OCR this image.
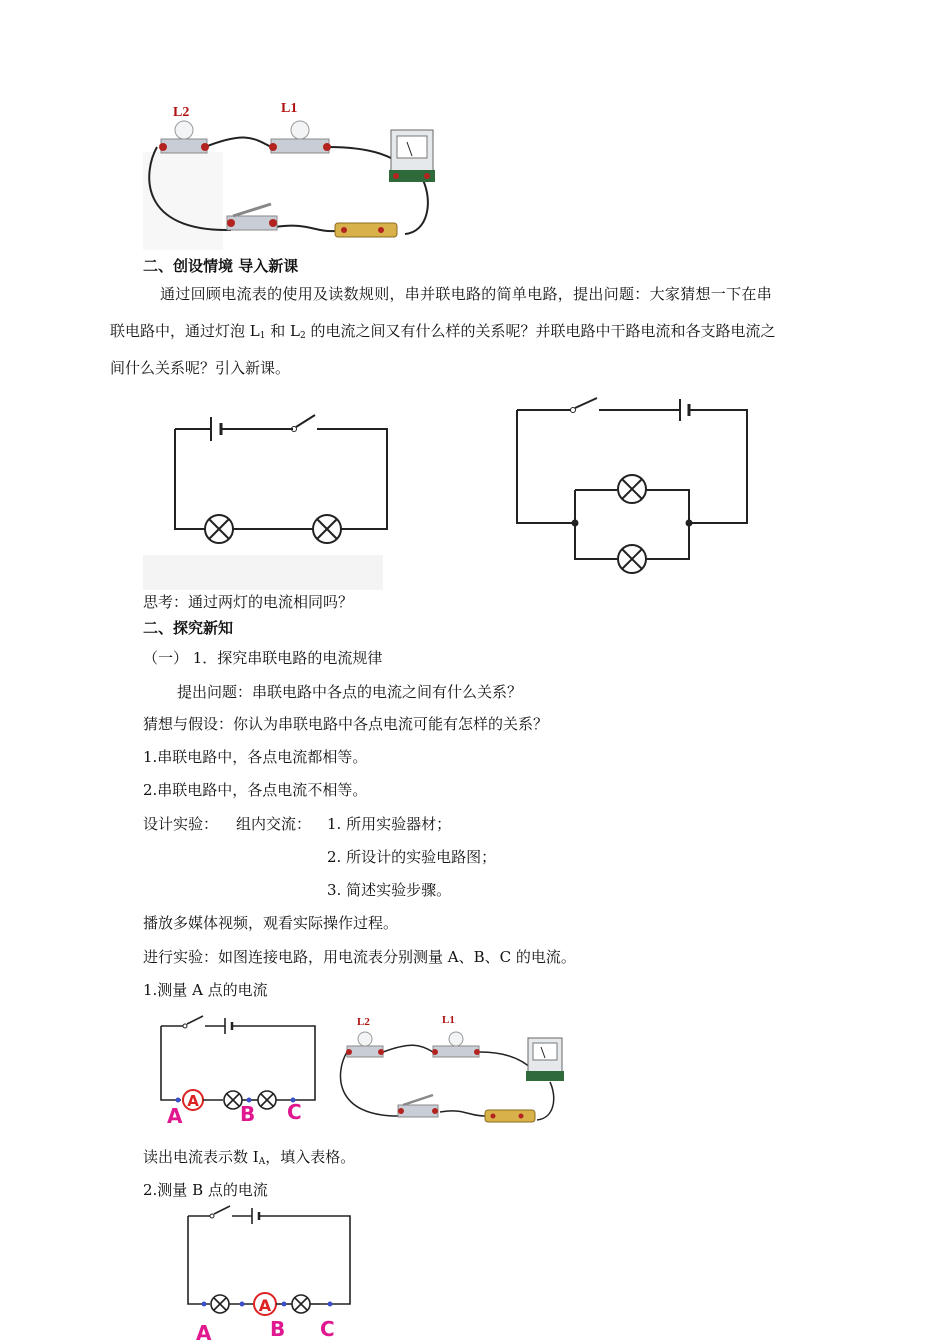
L2	L1
二、创设情境 导入新课
通过回顾电流表的使用及读数规则，串并联电路的简单电路，提出问题：大家猜想一下在串
联电路中，通过灯泡 $L_1$ 和 $L_2$ 的电流之间又有什么样的关系呢？并联电路中干路电流和各支路电流之
间什么关系呢？引入新课。
思考：通过两灯的电流相同吗？
二、探究新知
（一） 1．探究串联电路的电流规律
提出问题：串联电路中各点的电流之间有什么关系？
猜想与假设：你认为串联电路中各点电流可能有怎样的关系？
1.串联电路中，各点电流都相等。
2.串联电路中，各点电流不相等。
设计实验： 组内交流： 1. 所用实验器材；
2. 所设计的实验电路图；
3. 简述实验步骤。
播放多媒体视频，观看实际操作过程。
进行实验：如图连接电路，用电流表分别测量 A、B、C 的电流。
1.测量 A 点的电流
A
A	B C
L2	L1
读出电流表示数 $I_A$，填入表格。
2.测量 B 点的电流
A
A	B C
